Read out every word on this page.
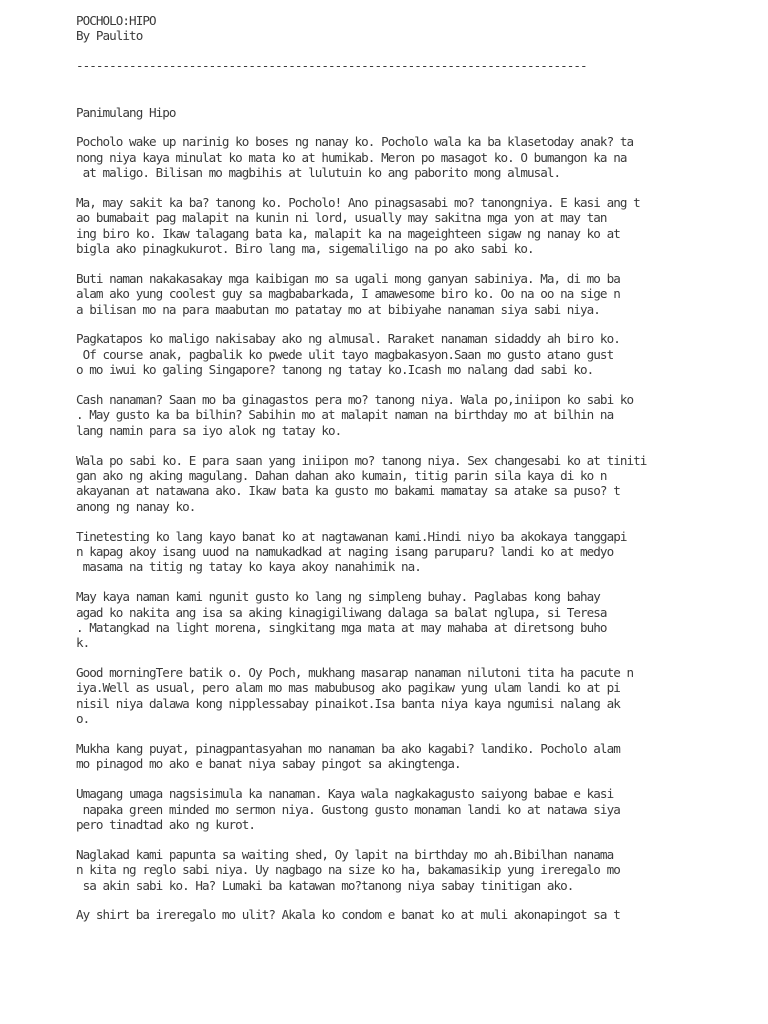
POCHOLO:HIPO
By Paulito
-----------------------------------------------------------------------------
Panimulang Hipo
Pocholo wake up narinig ko boses ng nanay ko. Pocholo wala ka ba klasetoday anak? ta
nong niya kaya minulat ko mata ko at humikab. Meron po masagot ko. O bumangon ka na
at maligo. Bilisan mo magbihis at lulutuin ko ang paborito mong almusal.
Ma, may sakit ka ba? tanong ko. Pocholo! Ano pinagsasabi mo? tanongniya. E kasi ang t
ao bumabait pag malapit na kunin ni lord, usually may sakitna mga yon at may tan
ing biro ko. Ikaw talagang bata ka, malapit ka na mageighteen sigaw ng nanay ko at
bigla ako pinagkukurot. Biro lang ma, sigemaliligo na po ako sabi ko.
Buti naman nakakasakay mga kaibigan mo sa ugali mong ganyan sabiniya. Ma, di mo ba
alam ako yung coolest guy sa magbabarkada, I amawesome biro ko. Oo na oo na sige n
a bilisan mo na para maabutan mo patatay mo at bibiyahe nanaman siya sabi niya.
Pagkatapos ko maligo nakisabay ako ng almusal. Raraket nanaman sidaddy ah biro ko.
Of course anak, pagbalik ko pwede ulit tayo magbakasyon.Saan mo gusto atano gust
o mo iwui ko galing Singapore? tanong ng tatay ko.Icash mo nalang dad sabi ko.
Cash nanaman? Saan mo ba ginagastos pera mo? tanong niya. Wala po,iniipon ko sabi ko
. May gusto ka ba bilhin? Sabihin mo at malapit naman na birthday mo at bilhin na
lang namin para sa iyo alok ng tatay ko.
Wala po sabi ko. E para saan yang iniipon mo? tanong niya. Sex changesabi ko at tiniti
gan ako ng aking magulang. Dahan dahan ako kumain, titig parin sila kaya di ko n
akayanan at natawana ako. Ikaw bata ka gusto mo bakami mamatay sa atake sa puso? t
anong ng nanay ko.
Tinetesting ko lang kayo banat ko at nagtawanan kami.Hindi niyo ba akokaya tanggapi
n kapag akoy isang uuod na namukadkad at naging isang paruparu? landi ko at medyo
masama na titig ng tatay ko kaya akoy nanahimik na.
May kaya naman kami ngunit gusto ko lang ng simpleng buhay. Paglabas kong bahay
agad ko nakita ang isa sa aking kinagigiliwang dalaga sa balat nglupa, si Teresa
. Matangkad na light morena, singkitang mga mata at may mahaba at diretsong buho
k.
Good morningTere batik o. Oy Poch, mukhang masarap nanaman nilutoni tita ha pacute n
iya.Well as usual, pero alam mo mas mabubusog ako pagikaw yung ulam landi ko at pi
nisil niya dalawa kong nipplessabay pinaikot.Isa banta niya kaya ngumisi nalang ak
o.
Mukha kang puyat, pinagpantasyahan mo nanaman ba ako kagabi? landiko. Pocholo alam
mo pinagod mo ako e banat niya sabay pingot sa akingtenga.
Umagang umaga nagsisimula ka nanaman. Kaya wala nagkakagusto saiyong babae e kasi
napaka green minded mo sermon niya. Gustong gusto monaman landi ko at natawa siya
pero tinadtad ako ng kurot.
Naglakad kami papunta sa waiting shed, Oy lapit na birthday mo ah.Bibilhan nanama
n kita ng reglo sabi niya. Uy nagbago na size ko ha, bakamasikip yung ireregalo mo
sa akin sabi ko. Ha? Lumaki ba katawan mo?tanong niya sabay tinitigan ako.
Ay shirt ba ireregalo mo ulit? Akala ko condom e banat ko at muli akonapingot sa t
